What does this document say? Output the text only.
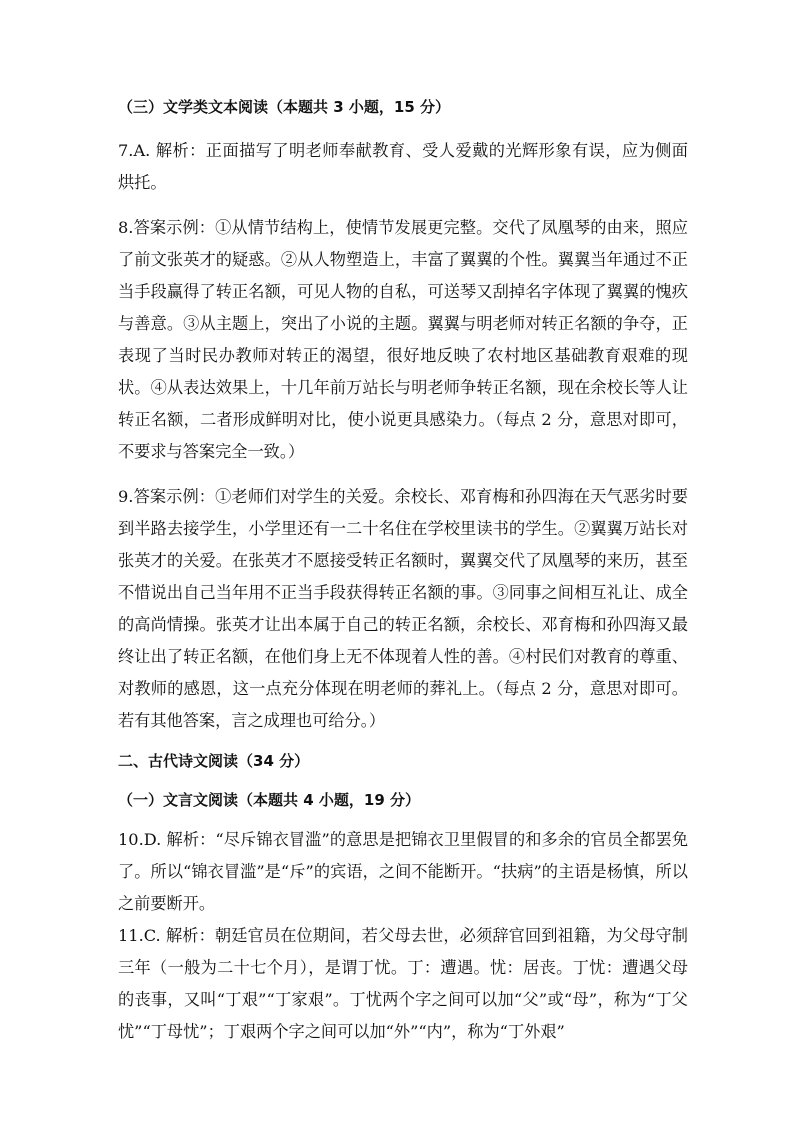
（三）文学类文本阅读（本题共 3 小题，15 分）

7.A. 解析：正面描写了明老师奉献教育、受人爱戴的光辉形象有误，应为侧面烘托。

8.答案示例：①从情节结构上，使情节发展更完整。交代了凤凰琴的由来，照应了前文张英才的疑惑。②从人物塑造上，丰富了翼翼的个性。翼翼当年通过不正当手段赢得了转正名额，可见人物的自私，可送琴又刮掉名字体现了翼翼的愧疚与善意。③从主题上，突出了小说的主题。翼翼与明老师对转正名额的争夺，正表现了当时民办教师对转正的渴望，很好地反映了农村地区基础教育艰难的现状。④从表达效果上，十几年前万站长与明老师争转正名额，现在余校长等人让转正名额，二者形成鲜明对比，使小说更具感染力。（每点 2 分，意思对即可，不要求与答案完全一致。）

9.答案示例：①老师们对学生的关爱。余校长、邓育梅和孙四海在天气恶劣时要到半路去接学生，小学里还有一二十名住在学校里读书的学生。②翼翼万站长对张英才的关爱。在张英才不愿接受转正名额时，翼翼交代了凤凰琴的来历，甚至不惜说出自己当年用不正当手段获得转正名额的事。③同事之间相互礼让、成全的高尚情操。张英才让出本属于自己的转正名额，余校长、邓育梅和孙四海又最终让出了转正名额，在他们身上无不体现着人性的善。④村民们对教育的尊重、对教师的感恩，这一点充分体现在明老师的葬礼上。（每点 2 分，意思对即可。若有其他答案，言之成理也可给分。）

二、古代诗文阅读（34 分）

（一）文言文阅读（本题共 4 小题，19 分）

10.D. 解析：“尽斥锦衣冒滥”的意思是把锦衣卫里假冒的和多余的官员全都罢免了。所以“锦衣冒滥”是“斥”的宾语，之间不能断开。“扶病”的主语是杨慎，所以之前要断开。

11.C. 解析：朝廷官员在位期间，若父母去世，必须辞官回到祖籍，为父母守制三年（一般为二十七个月），是谓丁忧。丁：遭遇。忧：居丧。丁忧：遭遇父母的丧事，又叫“丁艰”“丁家艰”。丁忧两个字之间可以加“父”或“母”，称为“丁父忧”“丁母忧”；丁艰两个字之间可以加“外”“内”，称为“丁外艰”
